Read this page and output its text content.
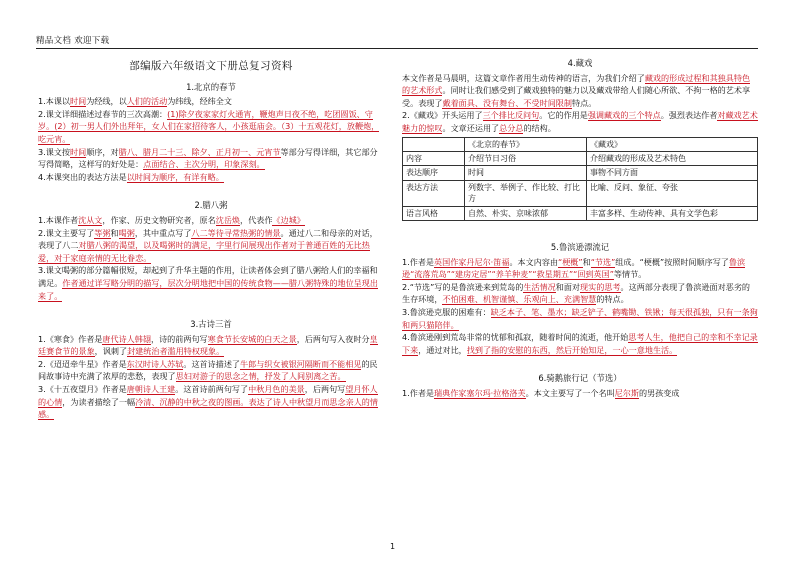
精品文档 欢迎下载
部编版六年级语文下册总复习资料
1.北京的春节

1.本课以时间为经线，以人们的活动为纬线，经纬全文

2.课文详细描述过春节的三次高潮：(1)除夕夜家家灯火通宵，鞭炮声日夜不绝，吃团圆饭、守岁。(2）初一男人们外出拜年，女人们在家招待客人，小孩逛庙会。（3）十五观花灯，放鞭炮，吃元宵。

3.课文按时间顺序，对腊八、腊月二十三、除夕、正月初一、元宵节等部分写得详细，其它部分写得简略，这样写的好处是：点面结合、主次分明，印象深刻。

4.本课突出的表达方法是以时间为顺序，有详有略。

2.腊八粥

1.本课作者沈从文，作家、历史文物研究者，原名沈岳焕，代表作《边城》

2.课文主要写了等粥和喝粥，其中重点写了八二等待寻常热粥的情景。通过八二和母亲的对话，表现了八二对腊八粥的渴望，以及喝粥时的满足，字里行间展现出作者对于普通百姓的无比热爱，对于家庭亲情的无比眷恋。

3.课文喝粥的部分篇幅很短，却起到了升华主题的作用，让读者体会到了腊八粥给人们的幸福和满足。作者通过详写略分明的描写，层次分明地把中国的传统食物——腊八粥特殊的地位呈现出来了。

3.古诗三首

1.《寒食》作者是唐代诗人韩翃，诗的前两句写寒食节长安城的白天之景，后两句写入夜时分皇廷赛食节的景象，讽刺了封建统治者滥用特权现象。

2.《迢迢牵牛星》作者是东汉时诗人苏轼。这首诗描述了牛郎与织女被银河隔断而不能相见的民间故事诗中充满了浓厚的悲愁，表现了思妇对游子的思念之情，抒发了人间别离之苦。

3.《十五夜望月》作者是唐朝诗人王建。这首诗前两句写了中秋月色的美景，后两句写望月怀人的心情，为读者描绘了一幅冷清、沉静的中秋之夜的图画。表达了诗人中秋望月而思念亲人的情感。

4.藏戏

本文作者是马晨明，这篇文章作者用生动传神的语言，为我们介绍了藏戏的形成过程和其独具特色的艺术形式。同时让我们感受到了藏戏独特的魅力以及藏戏带给人们随心所欲、不拘一格的艺术享受。表现了戴着面具、没有舞台、不受时间限制特点。

2.《藏戏》开头运用了三个排比反问句。它的作用是强调藏戏的三个特点。强烈表达作者对藏戏艺术魅力的惊叹。文章还运用了总分总的结构。

	《北京的春节》	《藏戏》
内容	介绍节日习俗	介绍藏戏的形成及艺术特色
表达顺序	时间	事物不同方面
表达方法	列数字、举例子、作比较、打比方	比喻、反问、象征、夸张
语言风格	自然、朴实、京味浓郁	丰富多样、生动传神、具有文学色彩
5.鲁滨逊漂流记

1.作者是英国作家丹尼尔·笛福。本文内容由“梗概”和“节选”组成。“梗概”按照时间顺序写了鲁滨逊“流落荒岛”“建房定居”“养羊种麦”“救星期五”“回到英国”等情节。

2.“节选”写的是鲁滨逊来到荒岛的生活情况和面对现实的思考。这两部分表现了鲁滨逊面对恶劣的生存环境，不怕困难、机智谨慎、乐观向上、充满智慧的特点。

3.鲁滨逊克服的困难有：缺乏本子、笔、墨水；缺乏铲子、鹤嘴锄、铁锹；每天很孤独，只有一条狗和两只猫陪伴。

4.鲁滨逊刚到荒岛非常的忧郁和孤寂，随着时间的流逝，他开始思考人生，他把自己的幸和不幸记录下来，通过对比，找到了指的安慰的东西，然后开始知足，一心一意地生活。

6.骑鹅旅行记（节选）

1.作者是瑞典作家塞尔玛·拉格洛芙。本文主要写了一个名叫尼尔斯的男孩变成

1
